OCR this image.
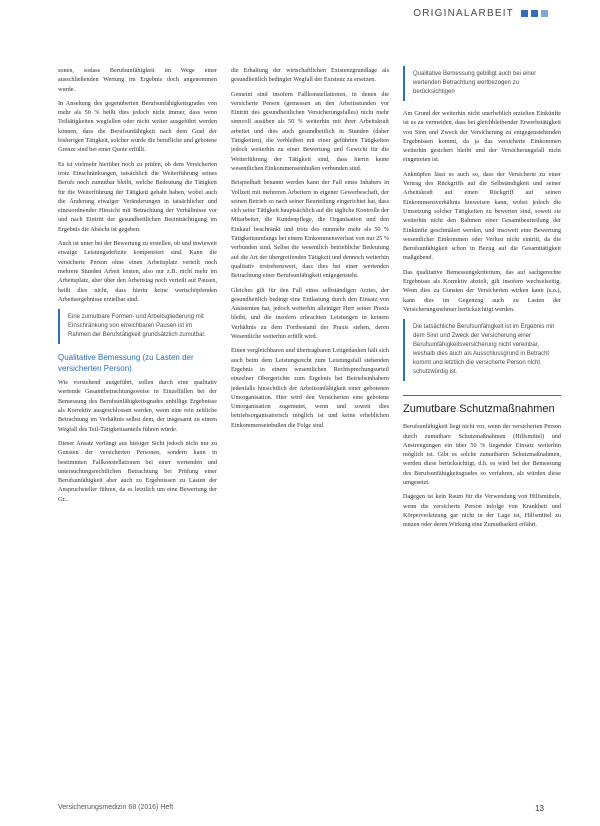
ORIGINALARBEIT

sonen, sodass Berufsunfähigkeit im Wege einer ausschließenden Wertung im Ergebnis doch angenommen wurde.

In Ansehung des gegenüberten Berufsunfähigkeitsgrades von mehr als 50 % heißt dies jedoch nicht immer, dass wenn Teiltätigkeiten wegfallen oder nicht weiter ausgeführt werden können, dass die Berufsunfähigkeit nach dem Grad der bisherigen Tätigkeit, solcher wurde die berufliche und gebotene Grenze sind bei einer Quote erfüllt.

Es ist vielmehr hierüber noch zu prüfen, ob dem Versicherten trotz Einschränkungen, tatsächlich die Weiterführung seines Berufs noch zumutbar bleibt, welche Bedeutung die Tätigkeit für die Weiterführung der Tätigkeit gehabt haben, wobei auch die Änderung etwaiger Veränderungen in tatsächlicher und einzuordnender Hinsicht mit Betrachtung der Verhältnisse vor und nach Eintritt der gesundheitlichen Beeinträchtigung im Ergebnis die Absicht ist gegeben.

Auch ist unter bei der Bewertung zu erstellen, ob und inwieweit etwaige Leistungsdefizite kompensiert sind. Kann die versicherte Person ohne einen Arbeitsplatz verteilt noch mehrere Stunden Arbeit leisten, also nur z.B. nicht mehr im Arbeitsplatz, aber über den Arbeitstag noch verteilt auf Pausen, heißt dies nicht, dass hierin keine wertschöpfenden Arbeitsergebnisse erzielbar sind.

Eine zumutbare Formen- und Arbeitsgliederung mit Einschränkung von erreichbaren Pausen ist im Rahmen der Berufstätigkeit grundsätzlich zumutbar.
Qualitative Bemessung (zu Lasten der versicherten Person)

Wie vorstehend ausgeführt, sollen durch eine qualitativ wertende Gesamtbetrachtungsweise in Einzelfällen bei der Bemessung des Berufsunfähigkeitsgrades unbillige Ergebnisse als Korrektiv ausgeschlossen werden, wenn eine rein zeitliche Betrachtung im Verhältnis selbst dem, der insgesamt zu einem Wegfall des Teil-Tätigkeitsanteils führen würde.

Dieser Ansatz verfängt aus hiesiger Sicht jedoch nicht nur zu Gunsten der versicherten Personen, sondern kann in bestimmten Fallkonstellationen bei einer wertenden und untersuchungsrechtlichen Betrachtung bei Prüfung einer Berufsunfähigkeit aber auch zu Ergebnissen zu Lasten der Anspruchsteller führen, da es letztlich um eine Bewertung der Gr...

die Erhaltung der wirtschaftlichen Existenzgrundlage als gesundheitlich bedingter Wegfall der Existenz zu ersetzen.

Gemeint sind insofern Fallkonstellationen, in denen die versicherte Person (gemessen an den Arbeitsstunden vor Eintritt des gesundheitlichen Versicherungsfalles) nicht mehr sinnvoll ausüben als 50 % weiterhin mit ihrer Arbeitskraft arbeitet und dies auch gesundheitlich in Stunden (daher Tätigkeiten), die verbleiben mit einer geführten Tätigkeiten jedoch weiterhin zu einer Bewertung und Gewicht für die Weiterführung der Tätigkeit sind, dass hierin keine wesentlichen Einkommenseinbußen verbunden sind.

Beispielhaft benannt werden kann der Fall eines Inhabers in Vollzeit mit mehreren Arbeitern in eigener Gewerbeschaft, der seinen Betrieb so nach seiner Beurteilung eingerichtet hat, dass sich seine Tätigkeit hauptsächlich auf die tägliche Kontrolle der Mitarbeiter, die Kundenpflege, die Organisation und den Einkauf beschränkt und trotz des nunmehr mehr als 50 % Tätigkeitsumfangs bei einem Einkommensverlust von nur 25 % verbunden sind. Selbst die wesentlich betriebliche Bedeutung auf die Art der übergreifenden Tätigkeit und dennoch weiterhin qualitativ erstrebenswert, dass dies bei einer wertenden Betrachtung einer Berufsunfähigkeit entgegensteht.

Gleiches gilt für den Fall eines selbständigen Arztes, der gesundheitlich bedingt eine Entlastung durch den Einsatz von Assistenten hat, jedoch weiterhin alleiniger Herr seiner Praxis bleibt, und die insofern erbrachten Leistungen in keinem Verhältnis zu dem Fortbestand der Praxis stehen, deren Wesentliche weiterhin erfüllt wird.

Einen vergleichbaren und übertragbaren Leitgedanken hält sich auch beim dem Leistungsrecht zum Leistungsfall stehenden Ergebnis in einem wesentlichen Rechtsprechungsurteil einzelner Obergerichte zum Ergebnis bei Betriebsinhabern jedenfalls hinsichtlich der Arbeitsunfähigkeit einer gebotenen Umorganisation. Hier wird den Versicherten eine gebotene Umorganisation zugemutet, wenn und soweit dies betriebsorganisatorisch möglich ist und keine erheblichen Einkommenseinbußen die Folge sind.

Qualitative Bemessung gebilligt auch bei einer wertenden Betrachtung wertbezogen zu berücksichtigen

Am Grund der weiterhin nicht unerheblich erzielten Einkünfte ist es zu vermeiden, dass bei gleichbleibender Erwerbstätigkeit von Sinn und Zweck der Versicherung zu entgegenstehenden Ergebnissen kommt, da ja das versicherte Einkommen weiterhin gesichert bleibt und der Versicherungsfall nicht eingetreten ist.

Anknüpfen lässt es auch so, dass der Versicherte zu einer Vertrag des Rückgriffs auf die Selbständigkeit und seiner Arbeitskraft auf einen Rückgriff auf seinen Einkommensverhältnis hinweisen kann, wobei jedoch die Umsetzung solcher Tätigkeiten zu bewerten sind, soweit sie weiterhin nicht den Rahmen einer Gesamtbeurteilung der Einkünfte geschmälert werden, und insoweit eine Bewertung wesentlicher Einkommen oder Verlust nicht eintritt, da die Berufsunfähigkeit schon in Bezug auf die Gesamttätigkeit maßgebend.

Das qualitative Bemessungskriterium, das auf sachgerechte Ergebnisse als Korrektiv abzielt, gilt insofern wechselseitig. Wenn dies zu Gunsten der Versicherten wirken kann (s.o.), kann dies im Gegenzug auch zu Lasten der Versicherungsnehmer berücksichtigt werden.

Die tatsächliche Berufsunfähigkeit ist im Ergebnis mit dem Sinn und Zweck der Versicherung einer Berufsunfähigkeitsversicherung nicht vereinbar, weshalb dies auch als Ausschlussgrund in Betracht kommt und letztlich die versicherte Person nicht schutzwürdig ist.
Zumutbare Schutzmaßnahmen

Berufsunfähigkeit liegt nicht vor, wenn der versicherten Person durch zumutbare Schutzmaßnahmen (Hilfsmittel) und Anstrengungen ein über 50 % liegender Einsatz weiterhin möglich ist. Gibt es solche zumutbaren Schutzmaßnahmen, werden diese berücksichtigt, d.h. es wird bei der Bemessung des Berufsunfähigkeitsgrades so verfahren, als würden diese umgesetzt.

Dagegen ist kein Raum für die Verwendung von Hilfsmitteln, wenn die versicherte Person infolge von Krankheit und Körperverletzung gar nicht in der Lage ist, Hilfsmittel zu nutzen oder deren Wirkung eine Zumutbarkeit erfährt.

Versicherungsmedizin 68 (2016) Heft	13
